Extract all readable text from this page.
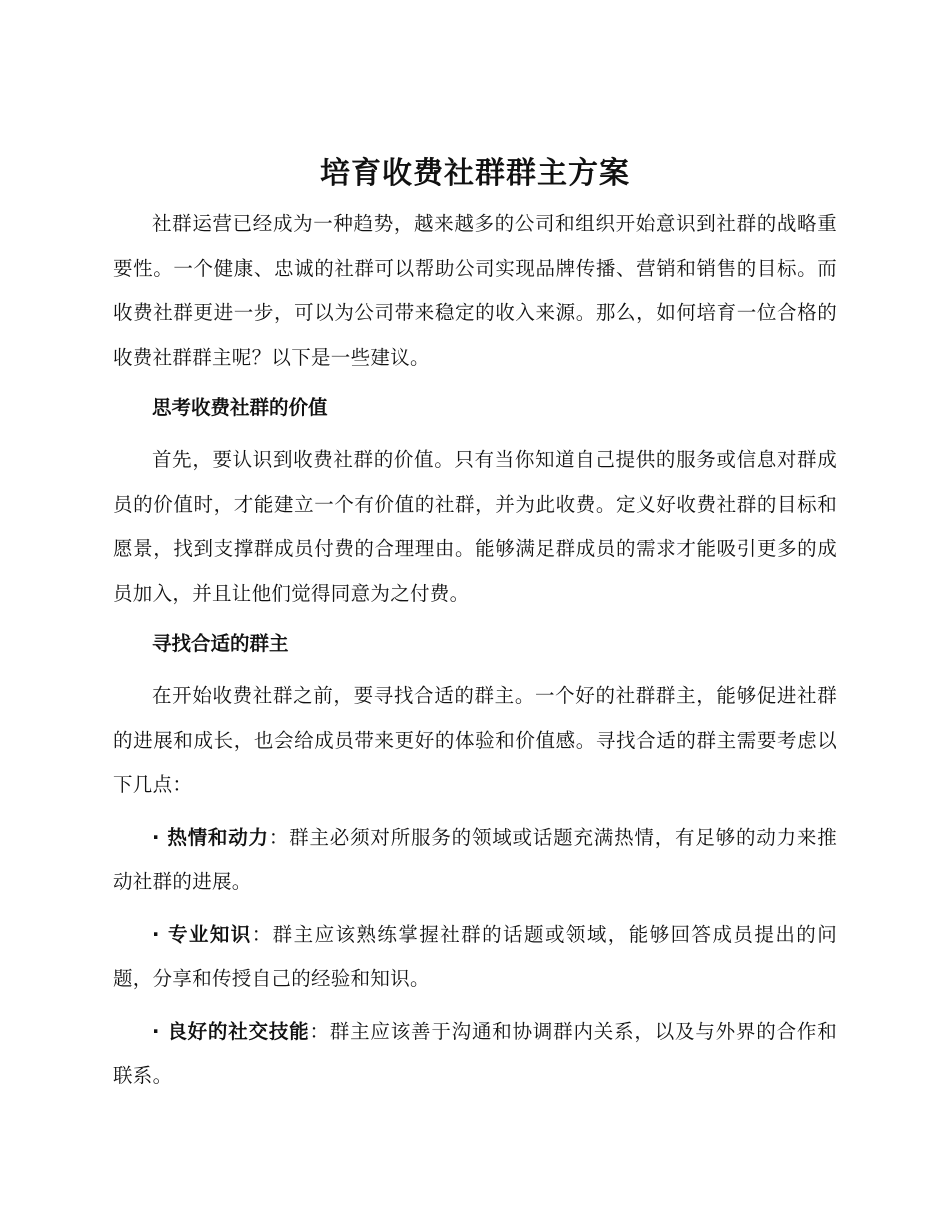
培育收费社群群主方案

社群运营已经成为一种趋势，越来越多的公司和组织开始意识到社群的战略重要性。一个健康、忠诚的社群可以帮助公司实现品牌传播、营销和销售的目标。而收费社群更进一步，可以为公司带来稳定的收入来源。那么，如何培育一位合格的收费社群群主呢？以下是一些建议。

思考收费社群的价值

首先，要认识到收费社群的价值。只有当你知道自己提供的服务或信息对群成员的价值时，才能建立一个有价值的社群，并为此收费。定义好收费社群的目标和愿景，找到支撑群成员付费的合理理由。能够满足群成员的需求才能吸引更多的成员加入，并且让他们觉得同意为之付费。

寻找合适的群主

在开始收费社群之前，要寻找合适的群主。一个好的社群群主，能够促进社群的进展和成长，也会给成员带来更好的体验和价值感。寻找合适的群主需要考虑以下几点：

· 热情和动力：群主必须对所服务的领域或话题充满热情，有足够的动力来推动社群的进展。

· 专业知识：群主应该熟练掌握社群的话题或领域，能够回答成员提出的问题，分享和传授自己的经验和知识。

· 良好的社交技能：群主应该善于沟通和协调群内关系，以及与外界的合作和联系。
